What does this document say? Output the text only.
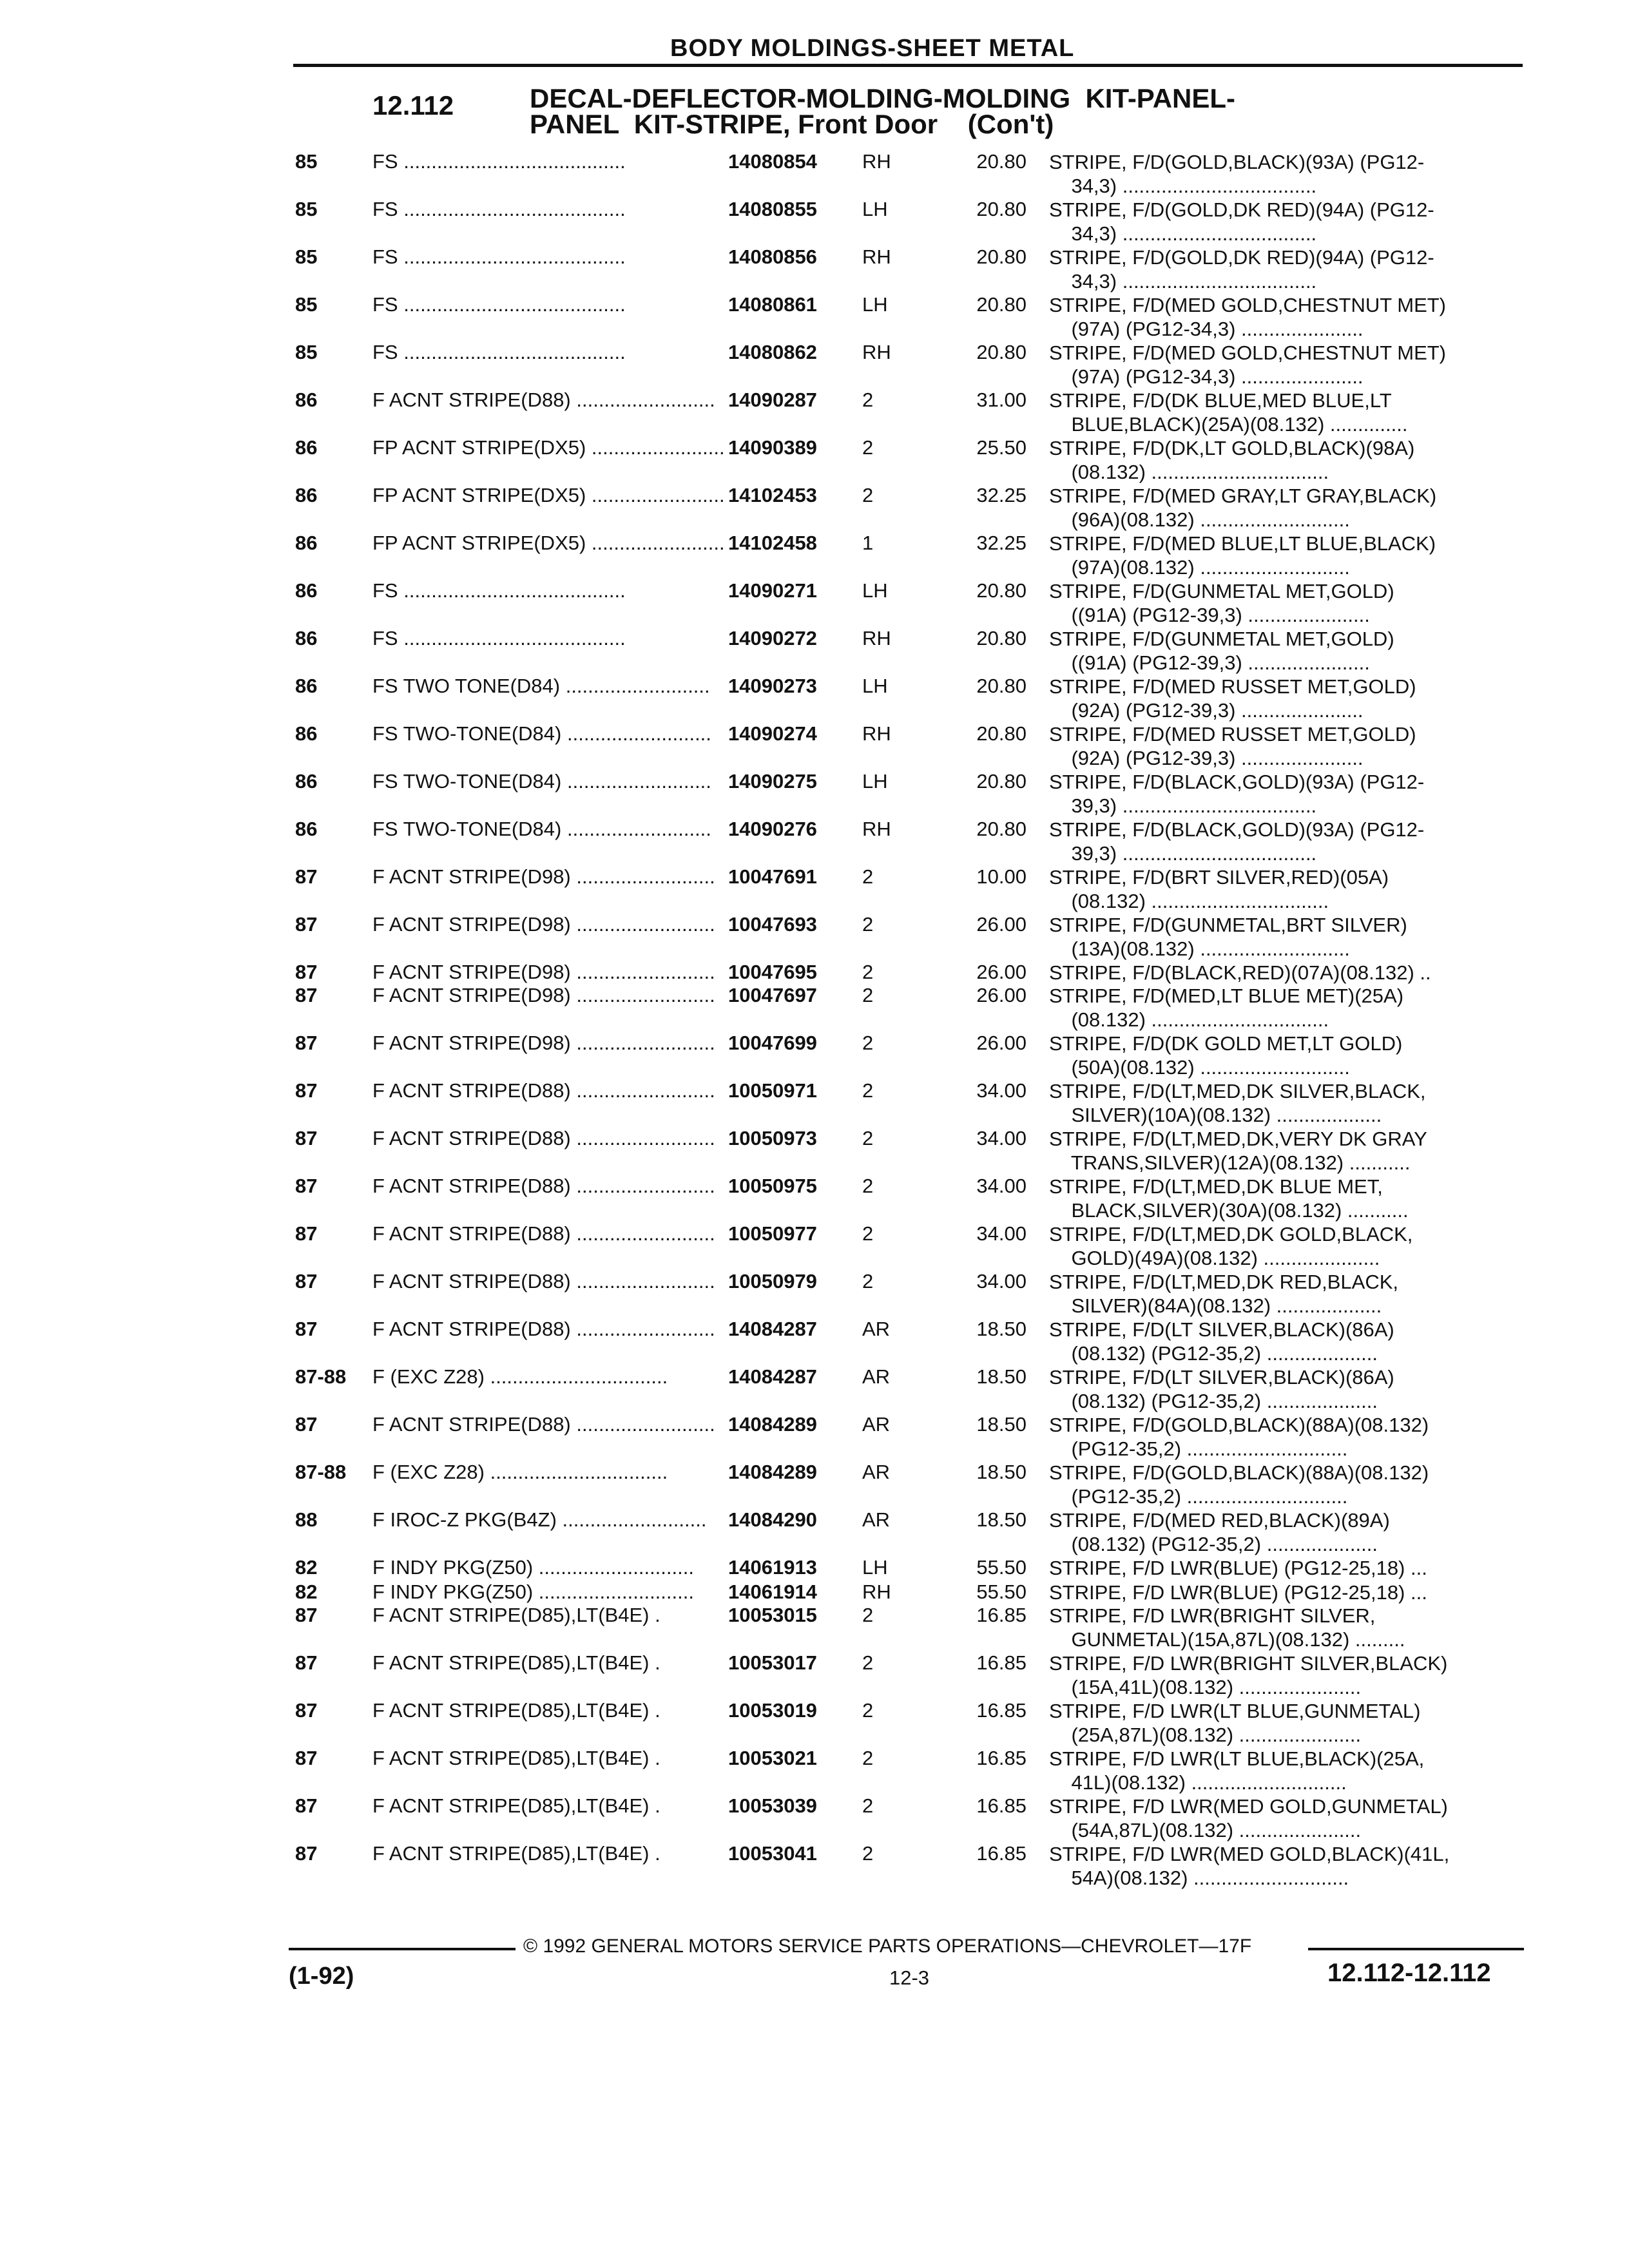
BODY MOLDINGS-SHEET METAL
12.112	DECAL-DEFLECTOR-MOLDING-MOLDING  KIT-PANEL-
PANEL  KIT-STRIPE, Front Door    (Con't)
85	FS ........................................	14080854 RH	20.80 STRIPE, F/D(GOLD,BLACK)(93A) (PG12-
34,3) ...................................
85	FS ........................................	14080855 LH	20.80 STRIPE, F/D(GOLD,DK RED)(94A) (PG12-
34,3) ...................................
85	FS ........................................	14080856 RH	20.80 STRIPE, F/D(GOLD,DK RED)(94A) (PG12-
34,3) ...................................
85	FS ........................................	14080861 LH	20.80 STRIPE, F/D(MED GOLD,CHESTNUT MET)
(97A) (PG12-34,3) ......................
85	FS ........................................	14080862 RH	20.80 STRIPE, F/D(MED GOLD,CHESTNUT MET)
(97A) (PG12-34,3) ......................
86	F ACNT STRIPE(D88) ......................... 14090287 2	31.00 STRIPE, F/D(DK BLUE,MED BLUE,LT
BLUE,BLACK)(25A)(08.132) ..............
86	FP ACNT STRIPE(DX5) ........................ 14090389 2	25.50 STRIPE, F/D(DK,LT GOLD,BLACK)(98A)
(08.132) ................................
86	FP ACNT STRIPE(DX5) ........................ 14102453 2	32.25 STRIPE, F/D(MED GRAY,LT GRAY,BLACK)
(96A)(08.132) ...........................
86	FP ACNT STRIPE(DX5) ........................ 14102458 1	32.25 STRIPE, F/D(MED BLUE,LT BLUE,BLACK)
(97A)(08.132) ...........................
86	FS ........................................	14090271 LH	20.80 STRIPE, F/D(GUNMETAL MET,GOLD)
((91A) (PG12-39,3) ......................
86	FS ........................................	14090272 RH	20.80 STRIPE, F/D(GUNMETAL MET,GOLD)
((91A) (PG12-39,3) ......................
86	FS TWO TONE(D84) .......................... 14090273 LH	20.80 STRIPE, F/D(MED RUSSET MET,GOLD)
(92A) (PG12-39,3) ......................
86	FS TWO-TONE(D84) .......................... 14090274 RH	20.80 STRIPE, F/D(MED RUSSET MET,GOLD)
(92A) (PG12-39,3) ......................
86	FS TWO-TONE(D84) .......................... 14090275 LH	20.80 STRIPE, F/D(BLACK,GOLD)(93A) (PG12-
39,3) ...................................
86	FS TWO-TONE(D84) .......................... 14090276 RH	20.80 STRIPE, F/D(BLACK,GOLD)(93A) (PG12-
39,3) ...................................
87	F ACNT STRIPE(D98) ......................... 10047691 2	10.00 STRIPE, F/D(BRT SILVER,RED)(05A)
(08.132) ................................
87	F ACNT STRIPE(D98) ......................... 10047693 2	26.00 STRIPE, F/D(GUNMETAL,BRT SILVER)
(13A)(08.132) ...........................
87	F ACNT STRIPE(D98) ......................... 10047695 2	26.00 STRIPE, F/D(BLACK,RED)(07A)(08.132) ..
87	F ACNT STRIPE(D98) ......................... 10047697 2	26.00 STRIPE, F/D(MED,LT BLUE MET)(25A)
(08.132) ................................
87	F ACNT STRIPE(D98) ......................... 10047699 2	26.00 STRIPE, F/D(DK GOLD MET,LT GOLD)
(50A)(08.132) ...........................
87	F ACNT STRIPE(D88) ......................... 10050971 2	34.00 STRIPE, F/D(LT,MED,DK SILVER,BLACK,
SILVER)(10A)(08.132) ...................
87	F ACNT STRIPE(D88) ......................... 10050973 2	34.00 STRIPE, F/D(LT,MED,DK,VERY DK GRAY
TRANS,SILVER)(12A)(08.132) ...........
87	F ACNT STRIPE(D88) ......................... 10050975 2	34.00 STRIPE, F/D(LT,MED,DK BLUE MET,
BLACK,SILVER)(30A)(08.132) ...........
87	F ACNT STRIPE(D88) ......................... 10050977 2	34.00 STRIPE, F/D(LT,MED,DK GOLD,BLACK,
GOLD)(49A)(08.132) .....................
87	F ACNT STRIPE(D88) ......................... 10050979 2	34.00 STRIPE, F/D(LT,MED,DK RED,BLACK,
SILVER)(84A)(08.132) ...................
87	F ACNT STRIPE(D88) ......................... 14084287 AR	18.50 STRIPE, F/D(LT SILVER,BLACK)(86A)
(08.132) (PG12-35,2) ....................
87-88 F (EXC Z28) ................................	14084287 AR	18.50 STRIPE, F/D(LT SILVER,BLACK)(86A)
(08.132) (PG12-35,2) ....................
87	F ACNT STRIPE(D88) ......................... 14084289 AR	18.50 STRIPE, F/D(GOLD,BLACK)(88A)(08.132)
(PG12-35,2) .............................
87-88 F (EXC Z28) ................................	14084289 AR	18.50 STRIPE, F/D(GOLD,BLACK)(88A)(08.132)
(PG12-35,2) .............................
88	F IROC-Z PKG(B4Z) .......................... 14084290 AR	18.50 STRIPE, F/D(MED RED,BLACK)(89A)
(08.132) (PG12-35,2) ....................
82	F INDY PKG(Z50) ............................ 14061913 LH	55.50 STRIPE, F/D LWR(BLUE) (PG12-25,18) ...
82	F INDY PKG(Z50) ............................ 14061914 RH	55.50 STRIPE, F/D LWR(BLUE) (PG12-25,18) ...
87	F ACNT STRIPE(D85),LT(B4E) .	10053015 2	16.85 STRIPE, F/D LWR(BRIGHT SILVER,
GUNMETAL)(15A,87L)(08.132) .........
87	F ACNT STRIPE(D85),LT(B4E) .	10053017 2	16.85 STRIPE, F/D LWR(BRIGHT SILVER,BLACK)
(15A,41L)(08.132) ......................
87	F ACNT STRIPE(D85),LT(B4E) .	10053019 2	16.85 STRIPE, F/D LWR(LT BLUE,GUNMETAL)
(25A,87L)(08.132) ......................
87	F ACNT STRIPE(D85),LT(B4E) .	10053021 2	16.85 STRIPE, F/D LWR(LT BLUE,BLACK)(25A,
41L)(08.132) ............................
87	F ACNT STRIPE(D85),LT(B4E) .	10053039 2	16.85 STRIPE, F/D LWR(MED GOLD,GUNMETAL)
(54A,87L)(08.132) ......................
87	F ACNT STRIPE(D85),LT(B4E) .	10053041 2	16.85 STRIPE, F/D LWR(MED GOLD,BLACK)(41L,
54A)(08.132) ............................
© 1992 GENERAL MOTORS SERVICE PARTS OPERATIONS—CHEVROLET—17F
(1-92)	12-3	12.112-12.112
